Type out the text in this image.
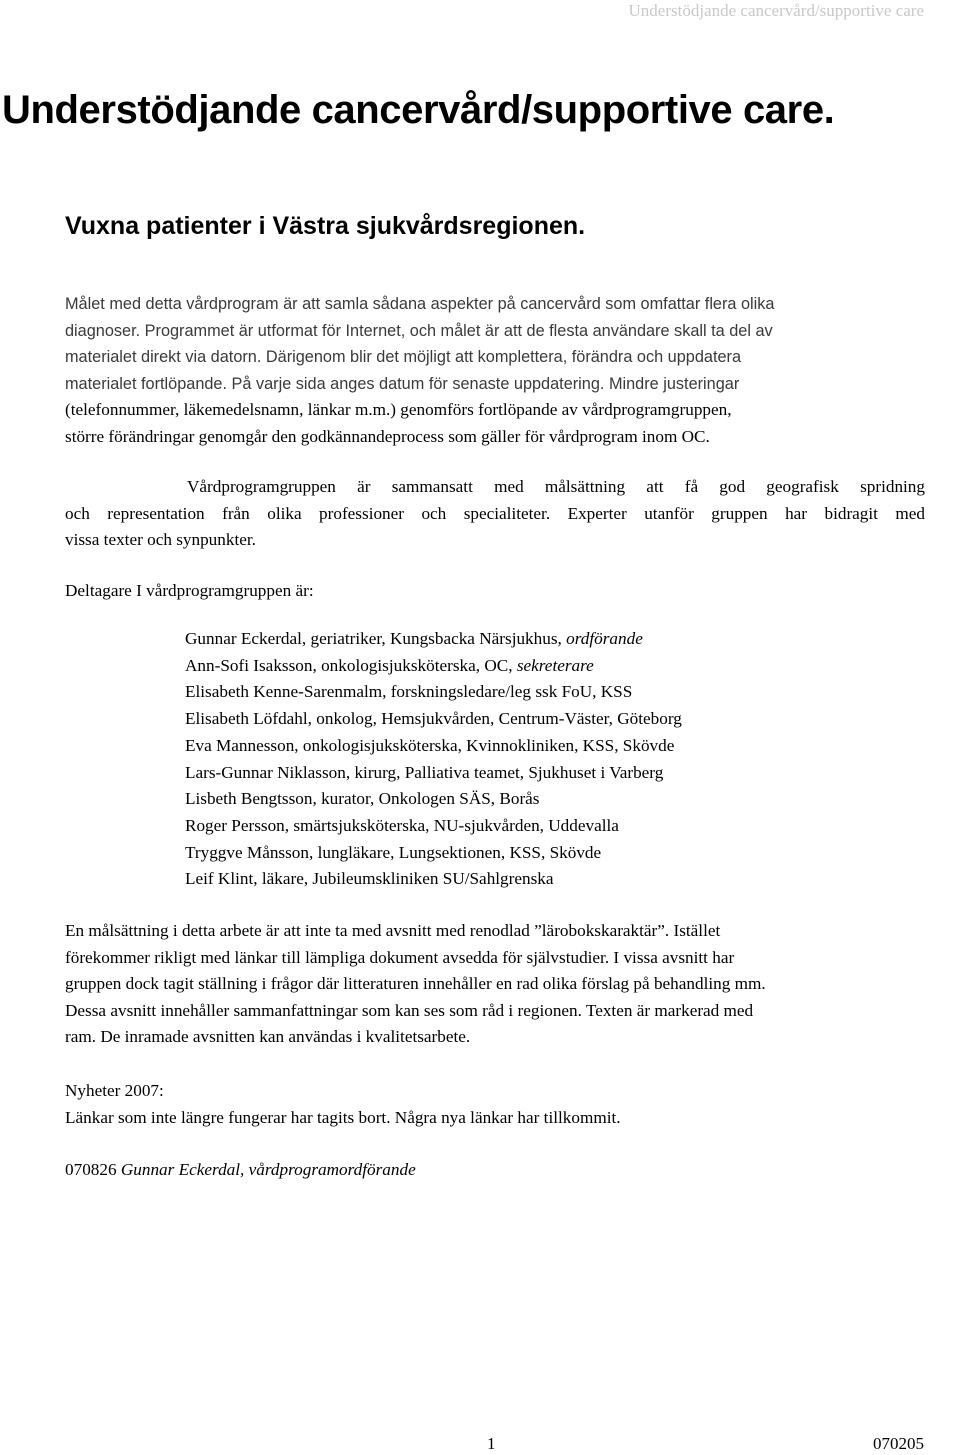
Understödjande cancervård/supportive care
Understödjande cancervård/supportive care.
Vuxna patienter i Västra sjukvårdsregionen.
Målet med detta vårdprogram är att samla sådana aspekter på cancervård som omfattar flera olika
diagnoser. Programmet är utformat för Internet, och målet är att de flesta användare skall ta del av
materialet direkt via datorn. Därigenom blir det möjligt att komplettera, förändra och uppdatera
materialet fortlöpande. På varje sida anges datum för senaste uppdatering. Mindre justeringar
(telefonnummer, läkemedelsnamn, länkar m.m.) genomförs fortlöpande av vårdprogramgruppen,
större förändringar genomgår den godkännandeprocess som gäller för vårdprogram inom OC.
Vårdprogramgruppen är sammansatt med målsättning att få god geografisk spridning
och representation från olika professioner och specialiteter. Experter utanför gruppen har bidragit med
vissa texter och synpunkter.

Deltagare I vårdprogramgruppen är:

Gunnar Eckerdal, geriatriker, Kungsbacka Närsjukhus, ordförande
Ann-Sofi Isaksson, onkologisjuksköterska, OC, sekreterare
Elisabeth Kenne-Sarenmalm, forskningsledare/leg ssk FoU, KSS
Elisabeth Löfdahl, onkolog, Hemsjukvården, Centrum-Väster, Göteborg
Eva Mannesson, onkologisjuksköterska, Kvinnokliniken, KSS, Skövde
Lars-Gunnar Niklasson, kirurg, Palliativa teamet, Sjukhuset i Varberg
Lisbeth Bengtsson, kurator, Onkologen SÄS, Borås
Roger Persson, smärtsjuksköterska, NU-sjukvården, Uddevalla
Tryggve Månsson, lungläkare, Lungsektionen, KSS, Skövde
Leif Klint, läkare, Jubileumskliniken SU/Sahlgrenska
En målsättning i detta arbete är att inte ta med avsnitt med renodlad ”lärobokskaraktär”. Istället
förekommer rikligt med länkar till lämpliga dokument avsedda för självstudier. I vissa avsnitt har
gruppen dock tagit ställning i frågor där litteraturen innehåller en rad olika förslag på behandling mm.
Dessa avsnitt innehåller sammanfattningar som kan ses som råd i regionen. Texten är markerad med
ram. De inramade avsnitten kan användas i kvalitetsarbete.

Nyheter 2007:

Länkar som inte längre fungerar har tagits bort. Några nya länkar har tillkommit.

070826 Gunnar Eckerdal, vårdprogramordförande

1	070205
